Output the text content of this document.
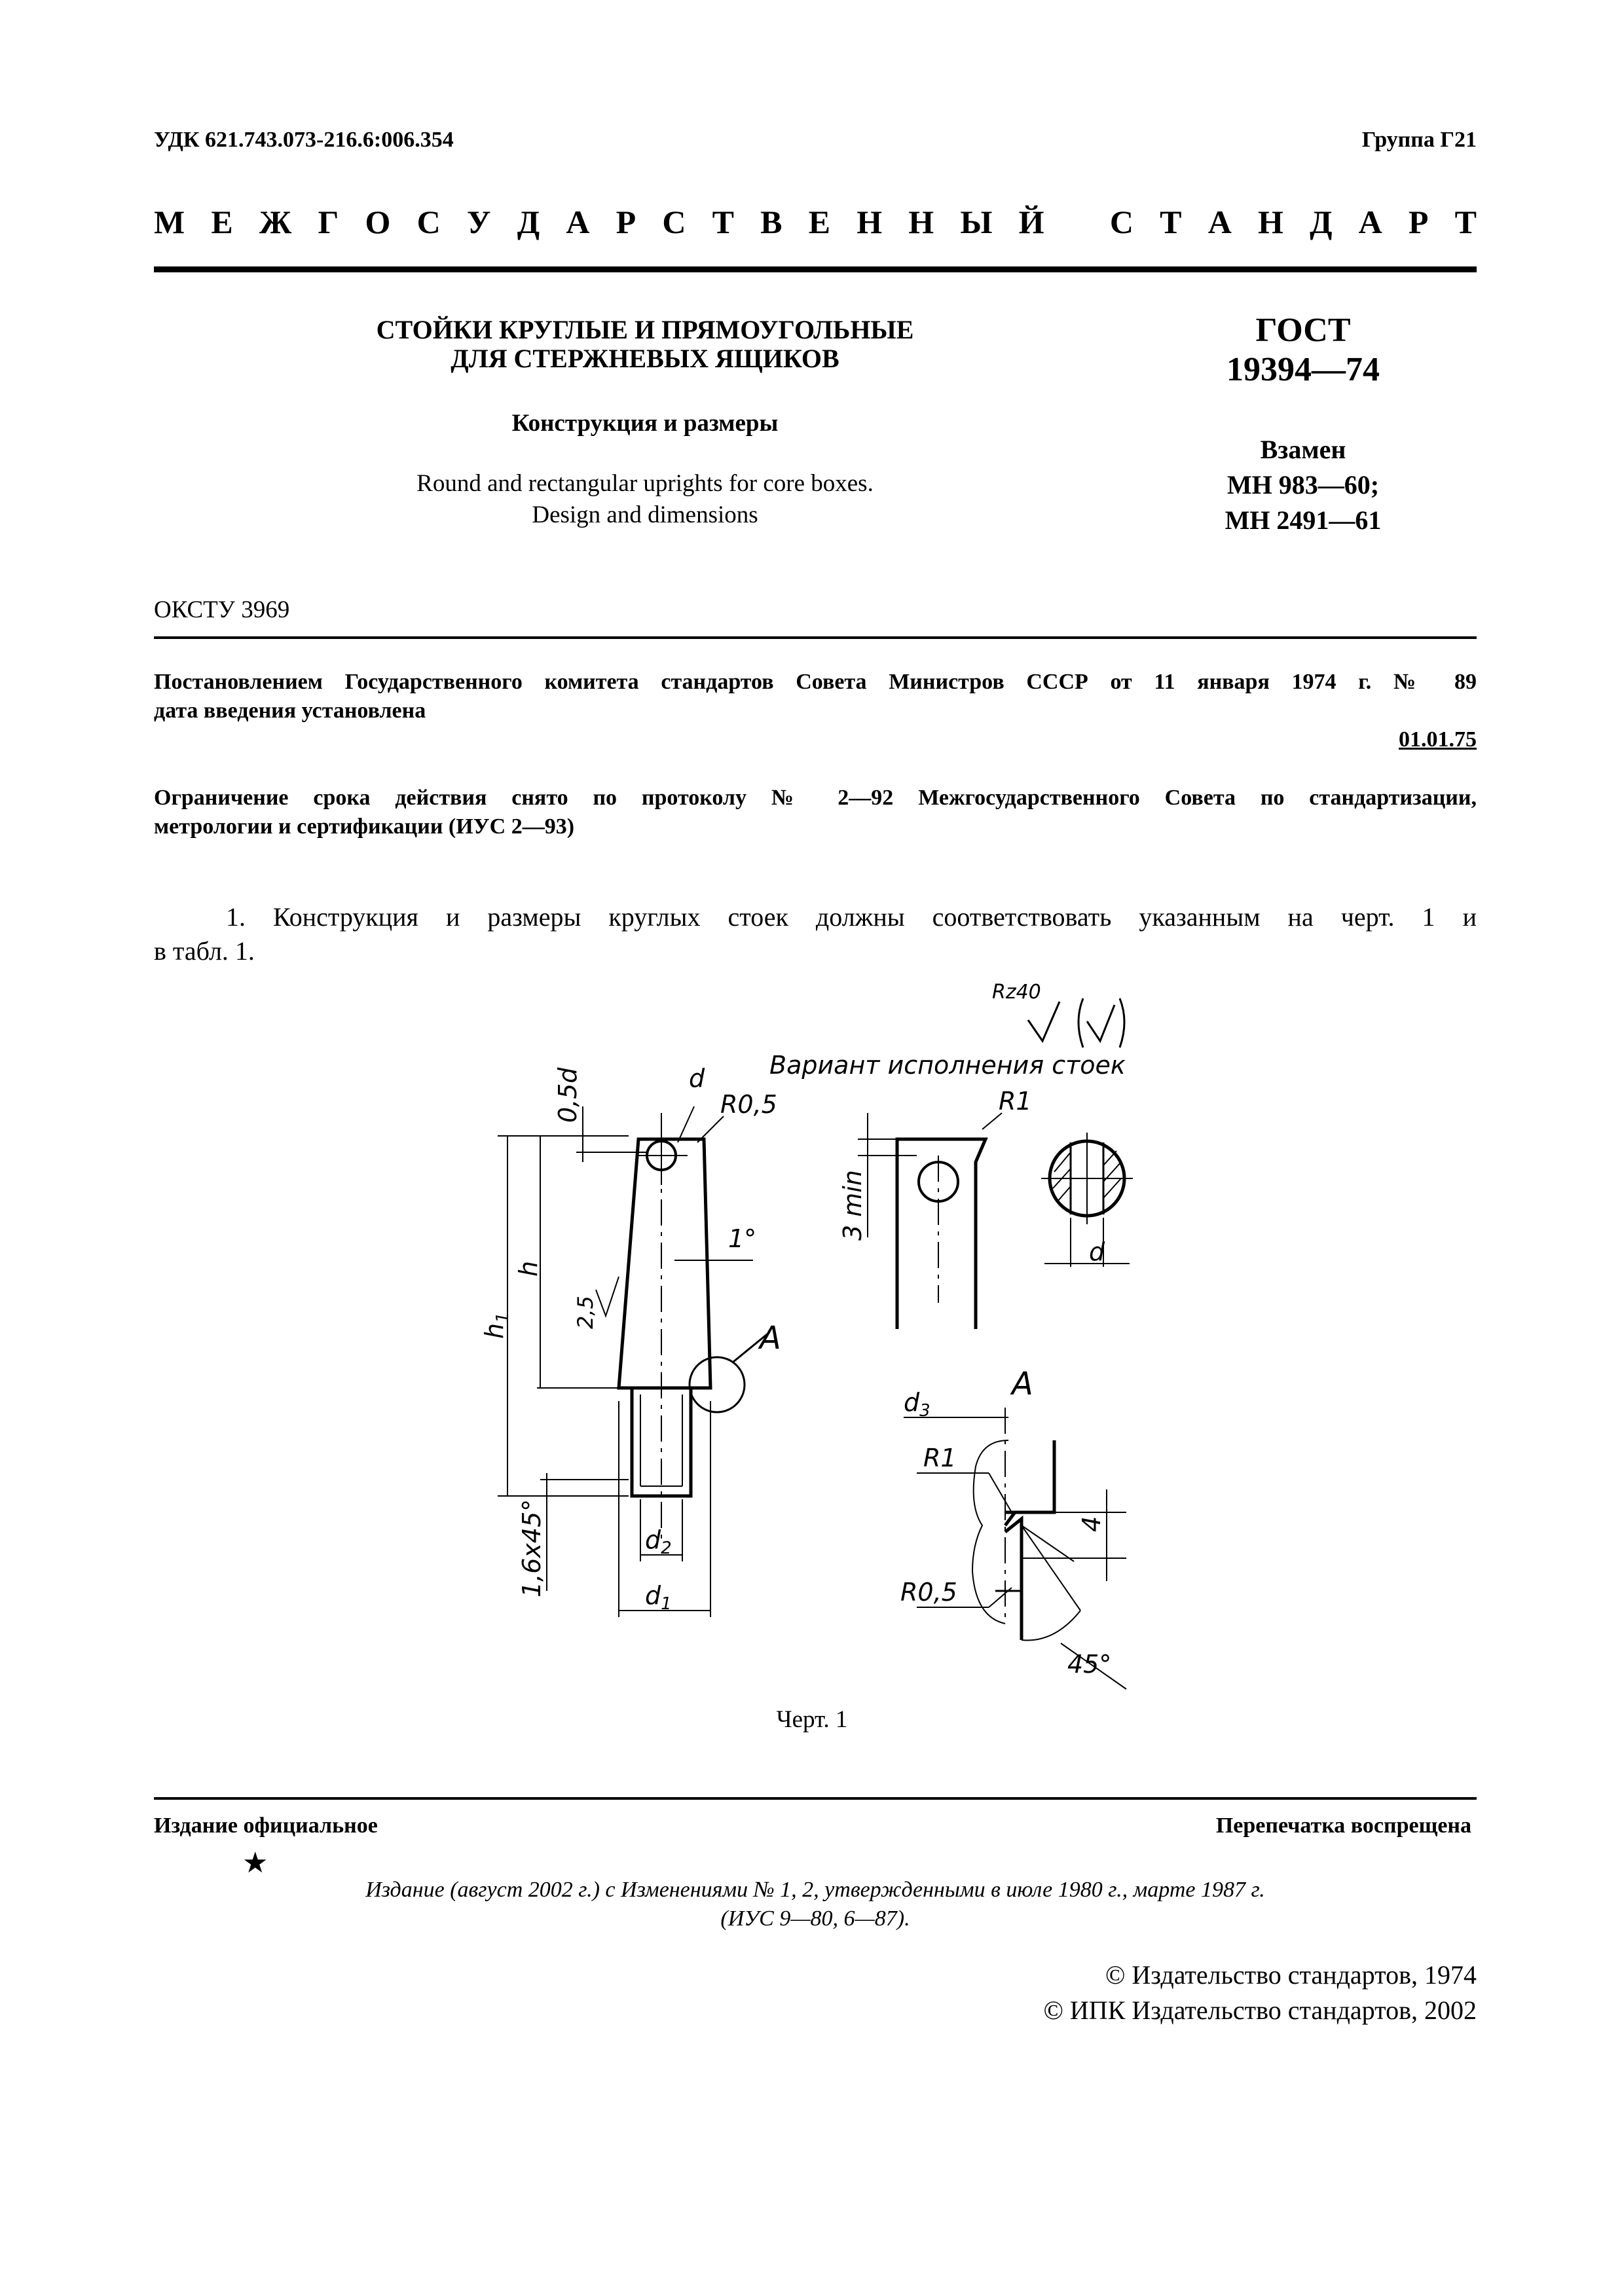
УДК 621.743.073-216.6:006.354	Группа Г21
М Е Ж Г О С У Д А Р С Т В Е Н Н Ы Й С Т А Н Д А Р Т
СТОЙКИ КРУГЛЫЕ И ПРЯМОУГОЛЬНЫЕ
ДЛЯ СТЕРЖНЕВЫХ ЯЩИКОВ
Конструкция и размеры
Round and rectangular uprights for core boxes.
Design and dimensions
ГОСТ
19394—74
Взамен
МН 983—60;
МН 2491—61
ОКСТУ 3969
Постановлением Государственного комитета стандартов Совета Министров СССР от 11 января 1974 г. № 89
дата введения установлена
01.01.75
Ограничение срока действия снято по протоколу № 2—92 Межгосударственного Совета по стандартизации,
метрологии и сертификации (ИУС 2—93)
1. Конструкция и размеры круглых стоек должны соответствовать указанным на черт. 1 и
в табл. 1.
Rz40
Вариант исполнения стоек
d
0,5d	R0,5	R1
h
$h_1$
1°
2,5
A
3 min
d
1,6х45°	$d_2$
$d_1$
A
$d_3$
R1
R0,5
4
45°
Черт. 1
Издание официальное	Перепечатка воспрещена
★
Издание (август 2002 г.) с Изменениями № 1, 2, утвержденными в июле 1980 г., марте 1987 г.
(ИУС 9—80, 6—87).
© Издательство стандартов, 1974
© ИПК Издательство стандартов, 2002
